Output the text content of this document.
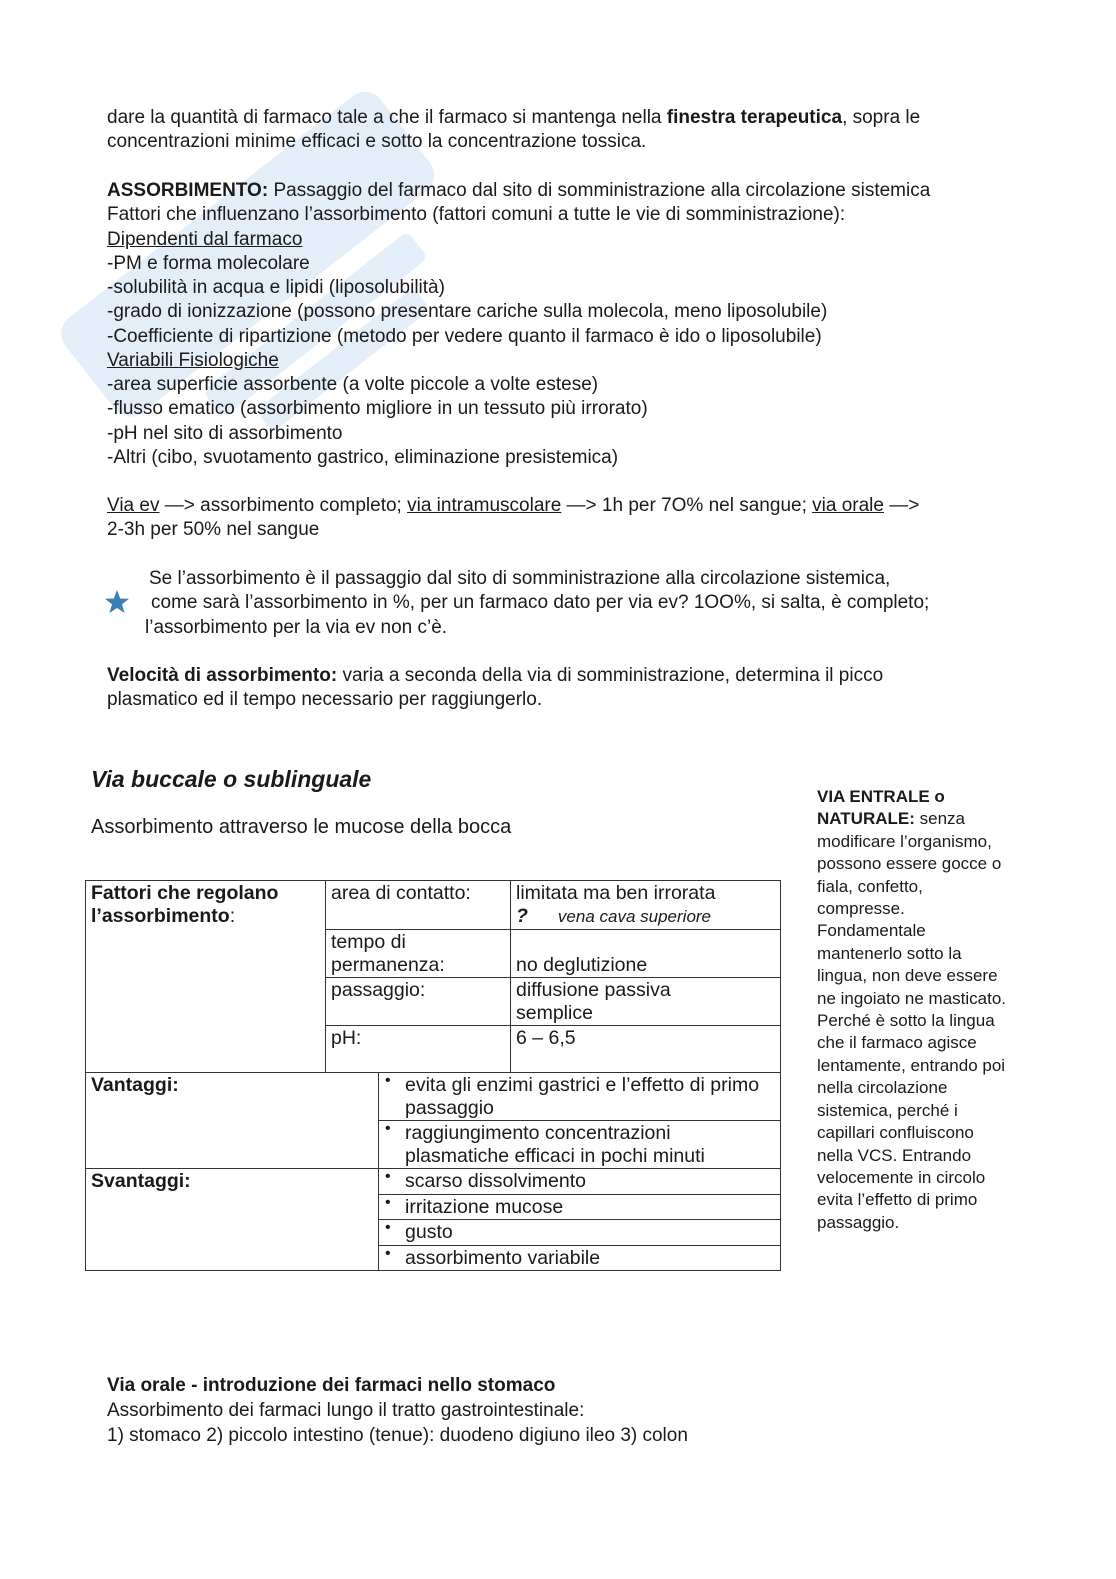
dare la quantità di farmaco tale a che il farmaco si mantenga nella finestra terapeutica, sopra le
concentrazioni minime efficaci e sotto la concentrazione tossica.
ASSORBIMENTO: Passaggio del farmaco dal sito di somministrazione alla circolazione sistemica
Fattori che influenzano l’assorbimento (fattori comuni a tutte le vie di somministrazione):
Dipendenti dal farmaco
-PM e forma molecolare
-solubilità in acqua e lipidi (liposolubilità)
-grado di ionizzazione (possono presentare cariche sulla molecola, meno liposolubile)
-Coefficiente di ripartizione (metodo per vedere quanto il farmaco è ido o liposolubile)
Variabili Fisiologiche
-area superficie assorbente (a volte piccole a volte estese)
-flusso ematico (assorbimento migliore in un tessuto più irrorato)
-pH nel sito di assorbimento
-Altri (cibo, svuotamento gastrico, eliminazione presistemica)
Via ev —> assorbimento completo; via intramuscolare —> 1h per 7O% nel sangue; via orale —>
2-3h per 50% nel sangue
Se l’assorbimento è il passaggio dal sito di somministrazione alla circolazione sistemica,
come sarà l’assorbimento in %, per un farmaco dato per via ev? 1OO%, si salta, è completo;
l’assorbimento per la via ev non c’è.
Velocità di assorbimento: varia a seconda della via di somministrazione, determina il picco
plasmatico ed il tempo necessario per raggiungerlo.
Via buccale o sublinguale
Assorbimento attraverso le mucose della bocca
Fattori che regolano
l’assorbimento:	area di contatto:		limitata ma ben irrorata
? vena cava superiore
	tempo di
permanenza:		no deglutizione
	passaggio:		diffusione passiva
semplice
	pH:		6 – 6,5
Vantaggi:		• evita gli enzimi gastrici e l’effetto di primo passaggio	

		• raggiungimento concentrazioni plasmatiche efficaci in pochi minuti	
Svantaggi:		• scarso dissolvimento	

		• irritazione mucose	

		• gusto	

		• assorbimento variabile	
VIA ENTRALE o NATURALE: senza modificare l’organismo, possono essere gocce o fiala, confetto, compresse. Fondamentale mantenerlo sotto la lingua, non deve essere ne ingoiato ne masticato. Perché è sotto la lingua che il farmaco agisce lentamente, entrando poi nella circolazione sistemica, perché i capillari confluiscono nella VCS. Entrando velocemente in circolo evita l’effetto di primo passaggio.
Via orale - introduzione dei farmaci nello stomaco
Assorbimento dei farmaci lungo il tratto gastrointestinale:
1) stomaco 2) piccolo intestino (tenue): duodeno digiuno ileo 3) colon
